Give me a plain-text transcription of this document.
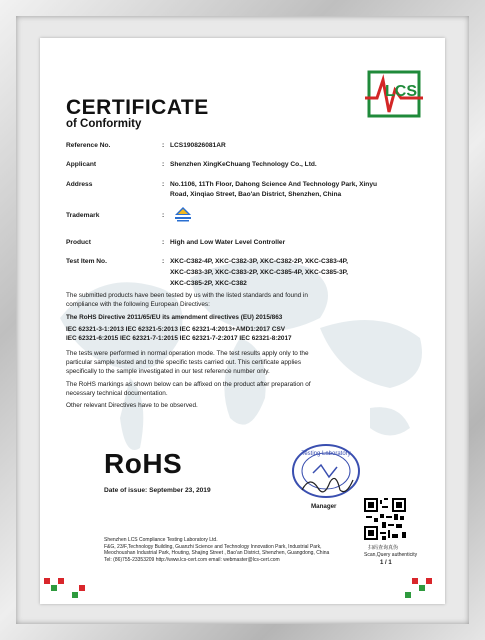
LCS
CERTIFICATE
of Conformity
Reference No.	: LCS190826081AR
Applicant	: Shenzhen XingKeChuang Technology Co., Ltd.
Address	: No.1106, 11Th Floor, Dahong Science And Technology Park, Xinyu
Road, Xinqiao Street, Bao'an District, Shenzhen, China
Trademark	:
Product	: High and Low Water Level Controller
Test Item No.	: XKC-C382-4P, XKC-C382-3P, XKC-C382-2P, XKC-C383-4P,
XKC-C383-3P, XKC-C383-2P, XKC-C385-4P, XKC-C385-3P,
XKC-C385-2P, XKC-C382
The submitted products have been tested by us with the listed standards and found in
compliance with the following European Directives:
The RoHS Directive 2011/65/EU its amendment directives (EU) 2015/863
IEC 62321-3-1:2013 IEC 62321-5:2013 IEC 62321-4:2013+AMD1:2017 CSV
IEC 62321-6:2015 IEC 62321-7-1:2015 IEC 62321-7-2:2017 IEC 62321-8:2017
The tests were performed in normal operation mode. The test results apply only to the
particular sample tested and to the specific tests carried out. This certificate applies
specifically to the sample investigated in our test reference number only.
The RoHS markings as shown below can be affixed on the product after preparation of
necessary technical documentation.
Other relevant Directives have to be observed.
RoHS
Date of issue: September 23, 2019
Testing Laboratory
Manager
扫码查询真伪
Scan,Query authenticity
1 / 1
Shenzhen LCS Compliance Testing Laboratory Ltd.
F&G, 23/F,Technology Building, Guanzhi Science and Technology Innovation Park, Industrial Park,
Meochoushan Industrial Park, Houting, Shajing Street , Bao'an District, Shenzhen, Guangdong, China
Tel: (86)755-23353209 http://www.lcs-cert.com email: webmaster@lcs-cert.com
